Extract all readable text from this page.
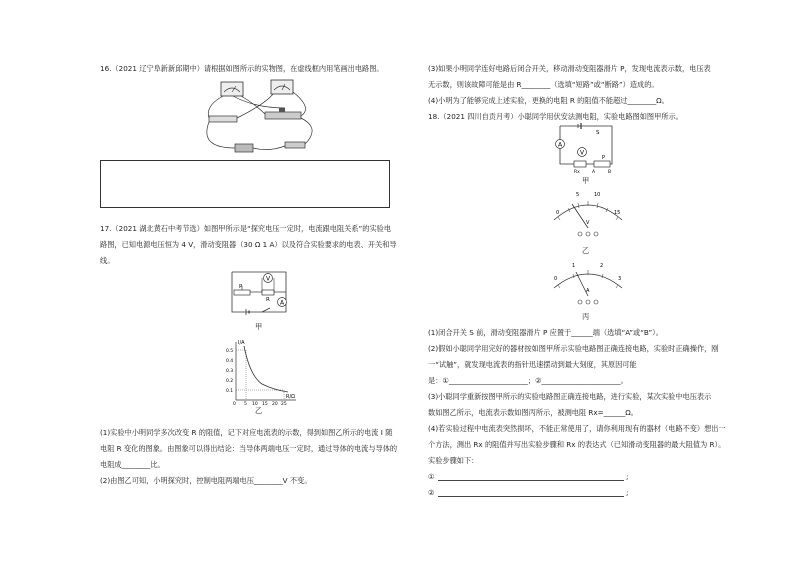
16.（2021 辽宁阜新新邱期中）请根据如图所示的实物图，在虚线框内用笔画出电路图。
17.（2021 湖北黄石中考节选）如图甲所示是“探究电压一定时，电流跟电阻关系”的实验电
路图，已知电源电压恒为 4 V，滑动变阻器（30 Ω 1 A）以及符合实验要求的电表、开关和导
线。
V
A
P
R
甲
I/A
R/Ω
0.5
0.4
0.3
0.2
0.1
0 5 10 15 20 25
乙
(1)实验中小明同学多次改变 R 的阻值，记下对应电流表的示数，得到如图乙所示的电流 I 随
电阻 R 变化的图象。由图象可以得出结论：当导体两端电压一定时，通过导体的电流与导体的
电阻成________比。
(2)由图乙可知，小明探究时，控制电阻两端电压________V 不变。
(3)如果小明同学连好电路后闭合开关，移动滑动变阻器滑片 P，发现电流表示数，电压表
无示数，则该故障可能是由 R________（选填“短路”或“断路”）造成的。
(4)小明为了能够完成上述实验，更换的电阻 R 的阻值不能超过________Ω。
18.（2021 四川自贡月考）小聪同学用伏安法测电阻，实验电路图如图甲所示。
S
A
V
P
Rx	A	B
甲
0
5	10
15
V
乙
0
1	2
3
A
丙
(1)闭合开关 S 前，滑动变阻器滑片 P 应置于______端（选填“A”或“B”）。
(2)假如小聪同学用完好的器材按如图甲所示实验电路图正确连接电路，实验时正确操作，刚
一“试触”，就发现电流表的指针迅速摆动到最大刻度，其原因可能
是：①______________________；②______________________。
(3)小聪同学重新按图甲所示的实验电路图正确连接电路，进行实验，某次实验中电压表示
数如图乙所示，电流表示数如图丙所示，被测电阻 Rx=______Ω。
(4)若实验过程中电流表突然损坏，不能正常使用了，请你利用现有的器材（电路不变）想出一
个方法，测出 Rx 的阻值并写出实验步骤和 Rx 的表达式（已知滑动变阻器的最大阻值为 R）。
实验步骤如下：
①	;
②	;
